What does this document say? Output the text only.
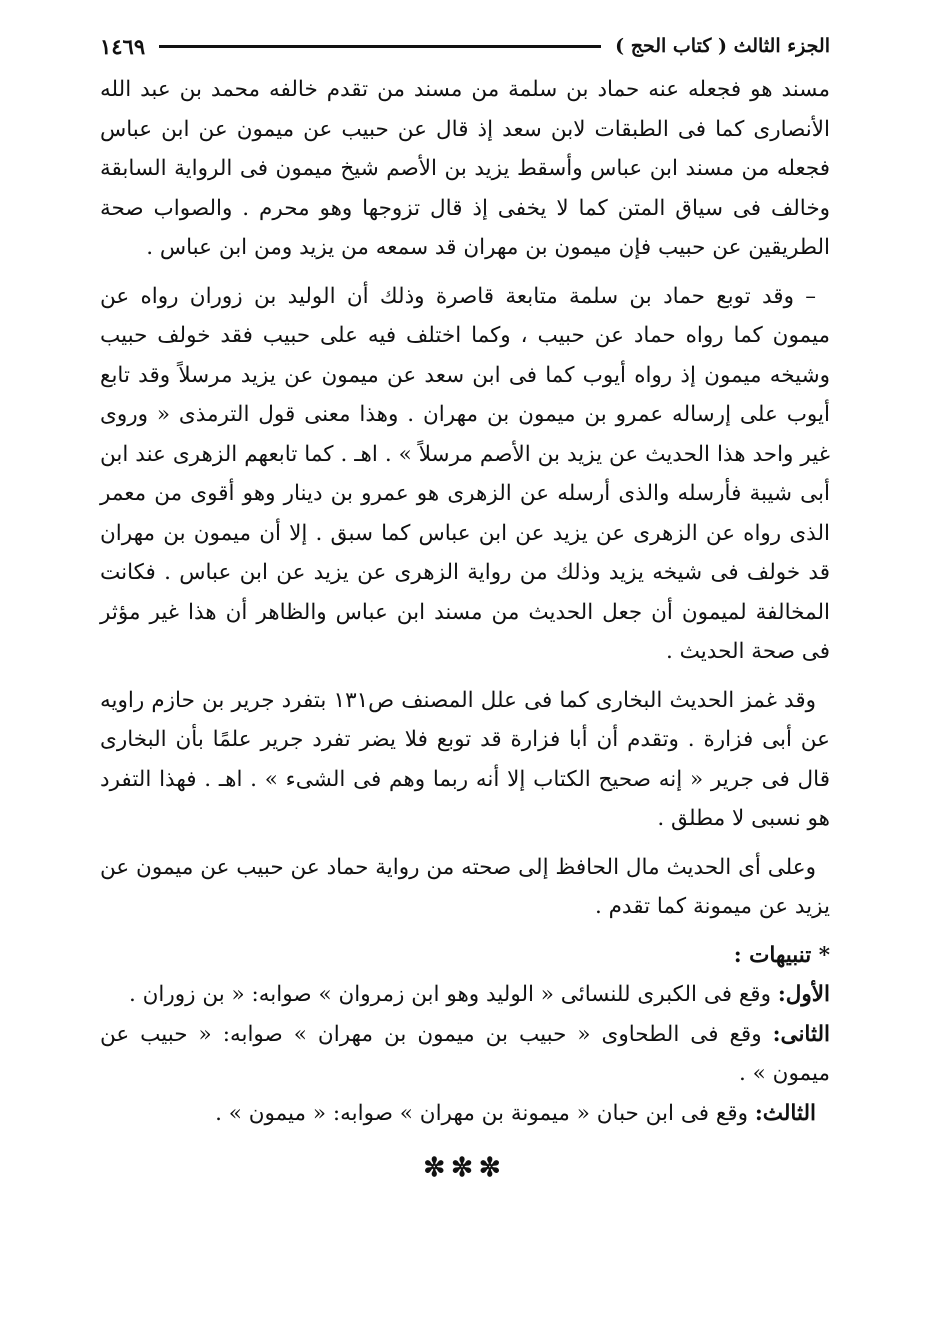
الجزء الثالث ( كتاب الحج )
١٤٦٩

مسند هو فجعله عنه حماد بن سلمة من مسند من تقدم خالفه محمد بن عبد الله الأنصارى كما فى الطبقات لابن سعد إذ قال عن حبيب عن ميمون عن ابن عباس فجعله من مسند ابن عباس وأسقط يزيد بن الأصم شيخ ميمون فى الرواية السابقة وخالف فى سياق المتن كما لا يخفى إذ قال تزوجها وهو محرم . والصواب صحة الطريقين عن حبيب فإن ميمون بن مهران قد سمعه من يزيد ومن ابن عباس .

– وقد توبع حماد بن سلمة متابعة قاصرة وذلك أن الوليد بن زوران رواه عن ميمون كما رواه حماد عن حبيب ، وكما اختلف فيه على حبيب فقد خولف حبيب وشيخه ميمون إذ رواه أيوب كما فى ابن سعد عن ميمون عن يزيد مرسلاً وقد تابع أيوب على إرساله عمرو بن ميمون بن مهران . وهذا معنى قول الترمذى « وروى غير واحد هذا الحديث عن يزيد بن الأصم مرسلاً » . اهـ . كما تابعهم الزهرى عند ابن أبى شيبة فأرسله والذى أرسله عن الزهرى هو عمرو بن دينار وهو أقوى من معمر الذى رواه عن الزهرى عن يزيد عن ابن عباس كما سبق . إلا أن ميمون بن مهران قد خولف فى شيخه يزيد وذلك من رواية الزهرى عن يزيد عن ابن عباس . فكانت المخالفة لميمون أن جعل الحديث من مسند ابن عباس والظاهر أن هذا غير مؤثر فى صحة الحديث .

وقد غمز الحديث البخارى كما فى علل المصنف ص١٣١ بتفرد جرير بن حازم راويه عن أبى فزارة . وتقدم أن أبا فزارة قد توبع فلا يضر تفرد جرير علمًا بأن البخارى قال فى جرير « إنه صحيح الكتاب إلا أنه ربما وهم فى الشىء » . اهـ . فهذا التفرد هو نسبى لا مطلق .

وعلى أى الحديث مال الحافظ إلى صحته من رواية حماد عن حبيب عن ميمون عن يزيد عن ميمونة كما تقدم .

* تنبيهات :

الأول: وقع فى الكبرى للنسائى « الوليد وهو ابن زمروان » صوابه: « بن زوران .

الثانى: وقع فى الطحاوى « حبيب بن ميمون بن مهران » صوابه: « حبيب عن ميمون » .

الثالث: وقع فى ابن حبان « ميمونة بن مهران » صوابه: « ميمون » .

✼✼✼
